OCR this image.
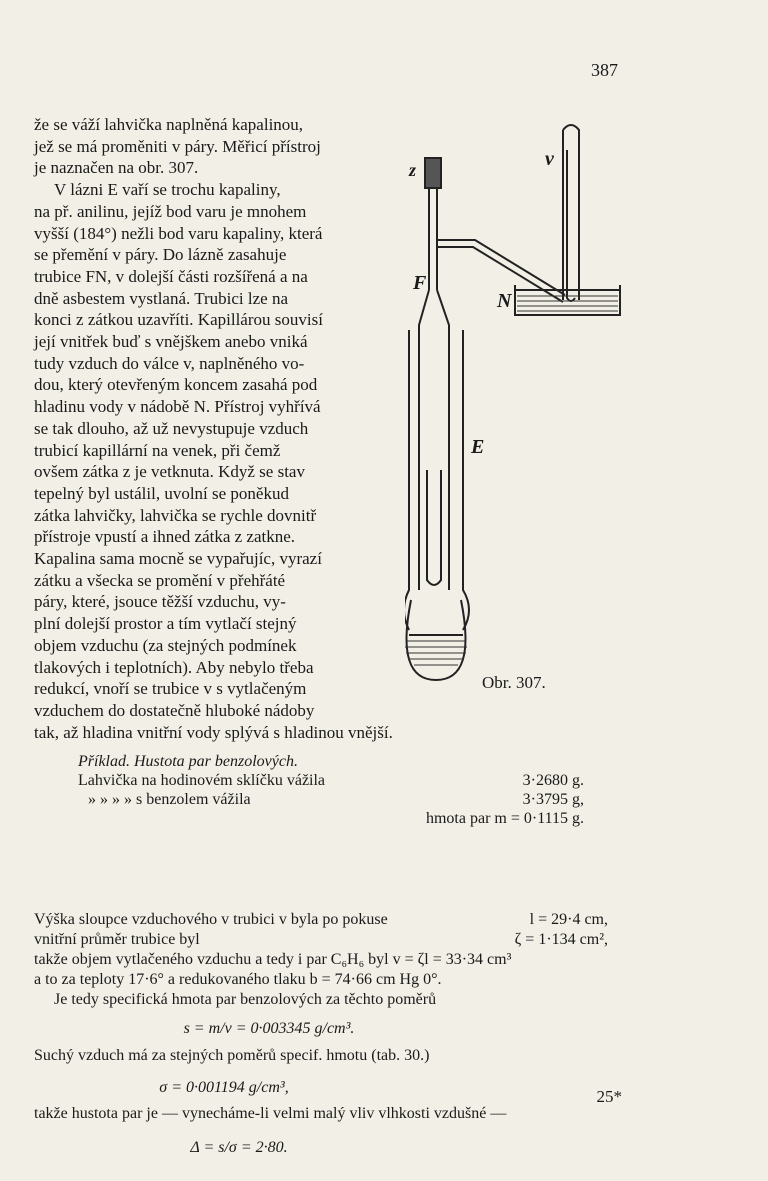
387

že se váží lahvička naplněná kapalinou,

jež se má proměniti v páry. Měřicí přístroj

je naznačen na obr. 307.

V lázni E vaří se trochu kapaliny,

na př. anilinu, jejíž bod varu je mnohem

vyšší (184°) nežli bod varu kapaliny, která

se přemění v páry. Do lázně zasahuje

trubice FN, v dolejší části rozšířená a na

dně asbestem vystlaná. Trubici lze na

konci z zátkou uzavříti. Kapillárou souvisí

její vnitřek buď s vnějškem anebo vniká

tudy vzduch do válce v, naplněného vo-

dou, který otevřeným koncem zasahá pod

hladinu vody v nádobě N. Přístroj vyhřívá

se tak dlouho, až už nevystupuje vzduch

trubicí kapillární na venek, při čemž

ovšem zátka z je vetknuta. Když se stav

tepelný byl ustálil, uvolní se poněkud

zátka lahvičky, lahvička se rychle dovnitř

přístroje vpustí a ihned zátka z zatkne.

Kapalina sama mocně se vypařujíc, vyrazí

zátku a všecka se promění v přehřáté

páry, které, jsouce těžší vzduchu, vy-

plní dolejší prostor a tím vytlačí stejný

objem vzduchu (za stejných podmínek

tlakových i teplotních). Aby nebylo třeba

redukcí, vnoří se trubice v s vytlačeným

vzduchem do dostatečně hluboké nádoby

tak, až hladina vnitřní vody splývá s hladinou vnější.
z	v
F
N
E
Obr. 307.
Příklad. Hustota par benzolových.
Lahvička na hodinovém sklíčku vážila	3·2680 g.
» » » » s benzolem vážila	3·3795 g,
hmota par m = 0·1115 g.
Výška sloupce vzduchového v trubici v byla po pokuse	l = 29·4 cm,
vnitřní průměr trubice byl	ζ = 1·134 cm²,
takže objem vytlačeného vzduchu a tedy i par C₆H₆ byl v = ζl = 33·34 cm³
a to za teploty 17·6° a redukovaného tlaku b = 74·66 cm Hg 0°.
Je tedy specifická hmota par benzolových za těchto poměrů
s = m/v = 0·003345 g/cm³.
Suchý vzduch má za stejných poměrů specif. hmotu (tab. 30.)
σ = 0·001194 g/cm³,
takže hustota par je — vynecháme-li velmi malý vliv vlhkosti vzdušné —
Δ = s/σ = 2·80.
25*
